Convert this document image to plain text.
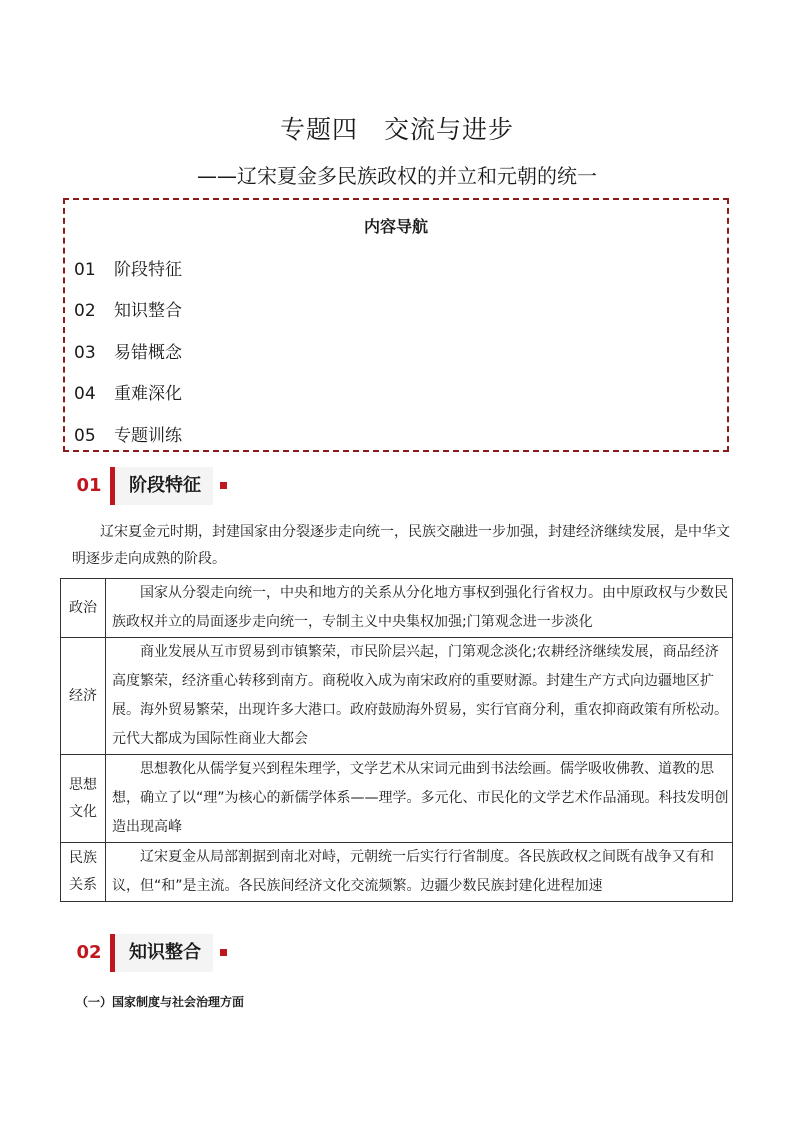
专题四　交流与进步
——辽宋夏金多民族政权的并立和元朝的统一
内容导航
01 阶段特征
02 知识整合
03 易错概念
04 重难深化
05 专题训练
01	阶段特征
辽宋夏金元时期，封建国家由分裂逐步走向统一，民族交融进一步加强，封建经济继续发展，是中华文明逐步走向成熟的阶段。
政治	国家从分裂走向统一，中央和地方的关系从分化地方事权到强化行省权力。由中原政权与少数民族政权并立的局面逐步走向统一，专制主义中央集权加强;门第观念进一步淡化
经济	商业发展从互市贸易到市镇繁荣，市民阶层兴起，门第观念淡化;农耕经济继续发展，商品经济高度繁荣，经济重心转移到南方。商税收入成为南宋政府的重要财源。封建生产方式向边疆地区扩展。海外贸易繁荣，出现许多大港口。政府鼓励海外贸易，实行官商分利，重农抑商政策有所松动。元代大都成为国际性商业大都会
思想文化	思想教化从儒学复兴到程朱理学，文学艺术从宋词元曲到书法绘画。儒学吸收佛教、道教的思想，确立了以“理”为核心的新儒学体系——理学。多元化、市民化的文学艺术作品涌现。科技发明创造出现高峰
民族关系	辽宋夏金从局部割据到南北对峙，元朝统一后实行行省制度。各民族政权之间既有战争又有和议，但“和”是主流。各民族间经济文化交流频繁。边疆少数民族封建化进程加速
02	知识整合
（一）国家制度与社会治理方面
